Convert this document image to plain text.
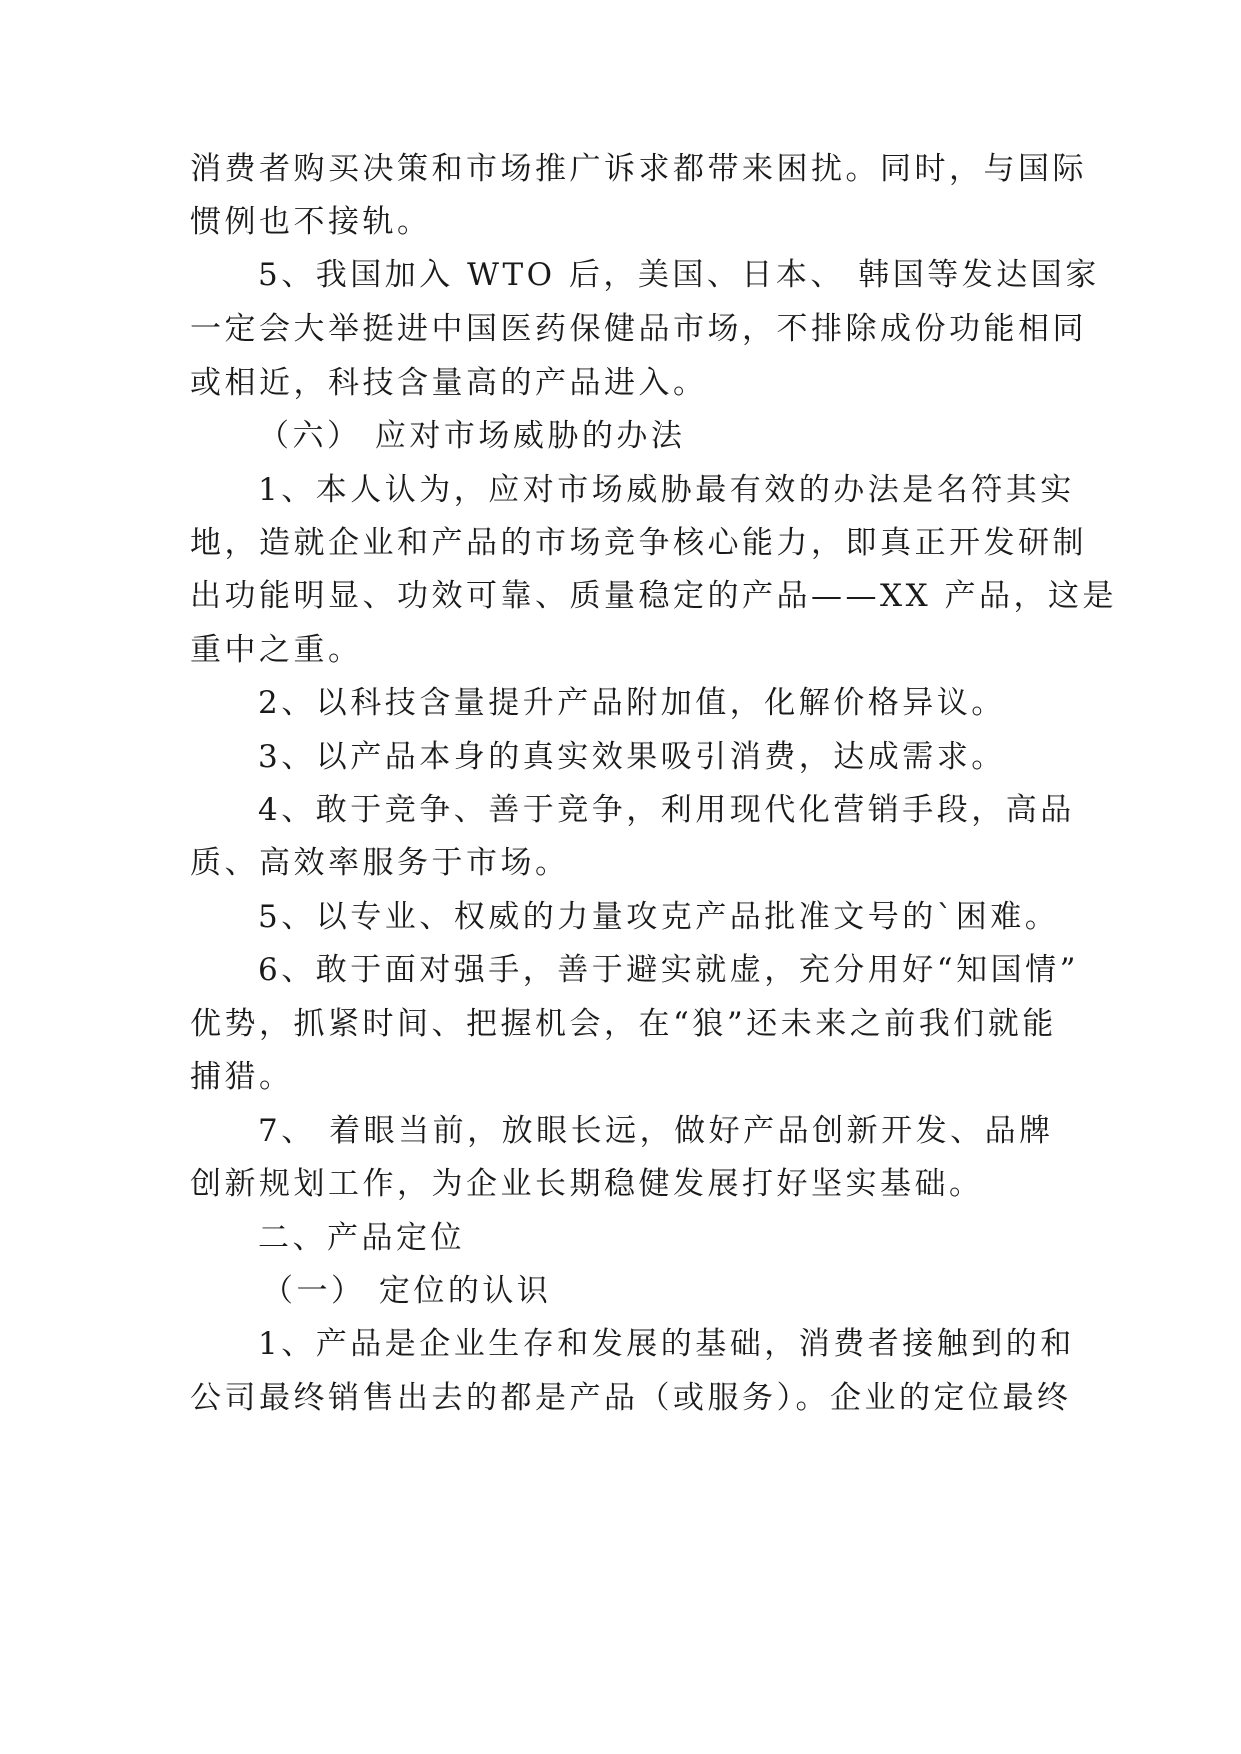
消费者购买决策和市场推广诉求都带来困扰。同时，与国际
惯例也不接轨。
5、我国加入 WTO 后，美国、日本、 韩国等发达国家
一定会大举挺进中国医药保健品市场，不排除成份功能相同
或相近，科技含量高的产品进入。
（六） 应对市场威胁的办法
1、本人认为，应对市场威胁最有效的办法是名符其实
地，造就企业和产品的市场竞争核心能力，即真正开发研制
出功能明显、功效可靠、质量稳定的产品——XX 产品，这是
重中之重。
2、以科技含量提升产品附加值，化解价格异议。
3、以产品本身的真实效果吸引消费，达成需求。
4、敢于竞争、善于竞争，利用现代化营销手段，高品
质、高效率服务于市场。
5、以专业、权威的力量攻克产品批准文号的`困难。
6、敢于面对强手，善于避实就虚，充分用好“知国情”
优势，抓紧时间、把握机会，在“狼”还未来之前我们就能
捕猎。
7、 着眼当前，放眼长远，做好产品创新开发、品牌
创新规划工作，为企业长期稳健发展打好坚实基础。
二、产品定位
（一） 定位的认识
1、产品是企业生存和发展的基础，消费者接触到的和
公司最终销售出去的都是产品（或服务）。企业的定位最终
